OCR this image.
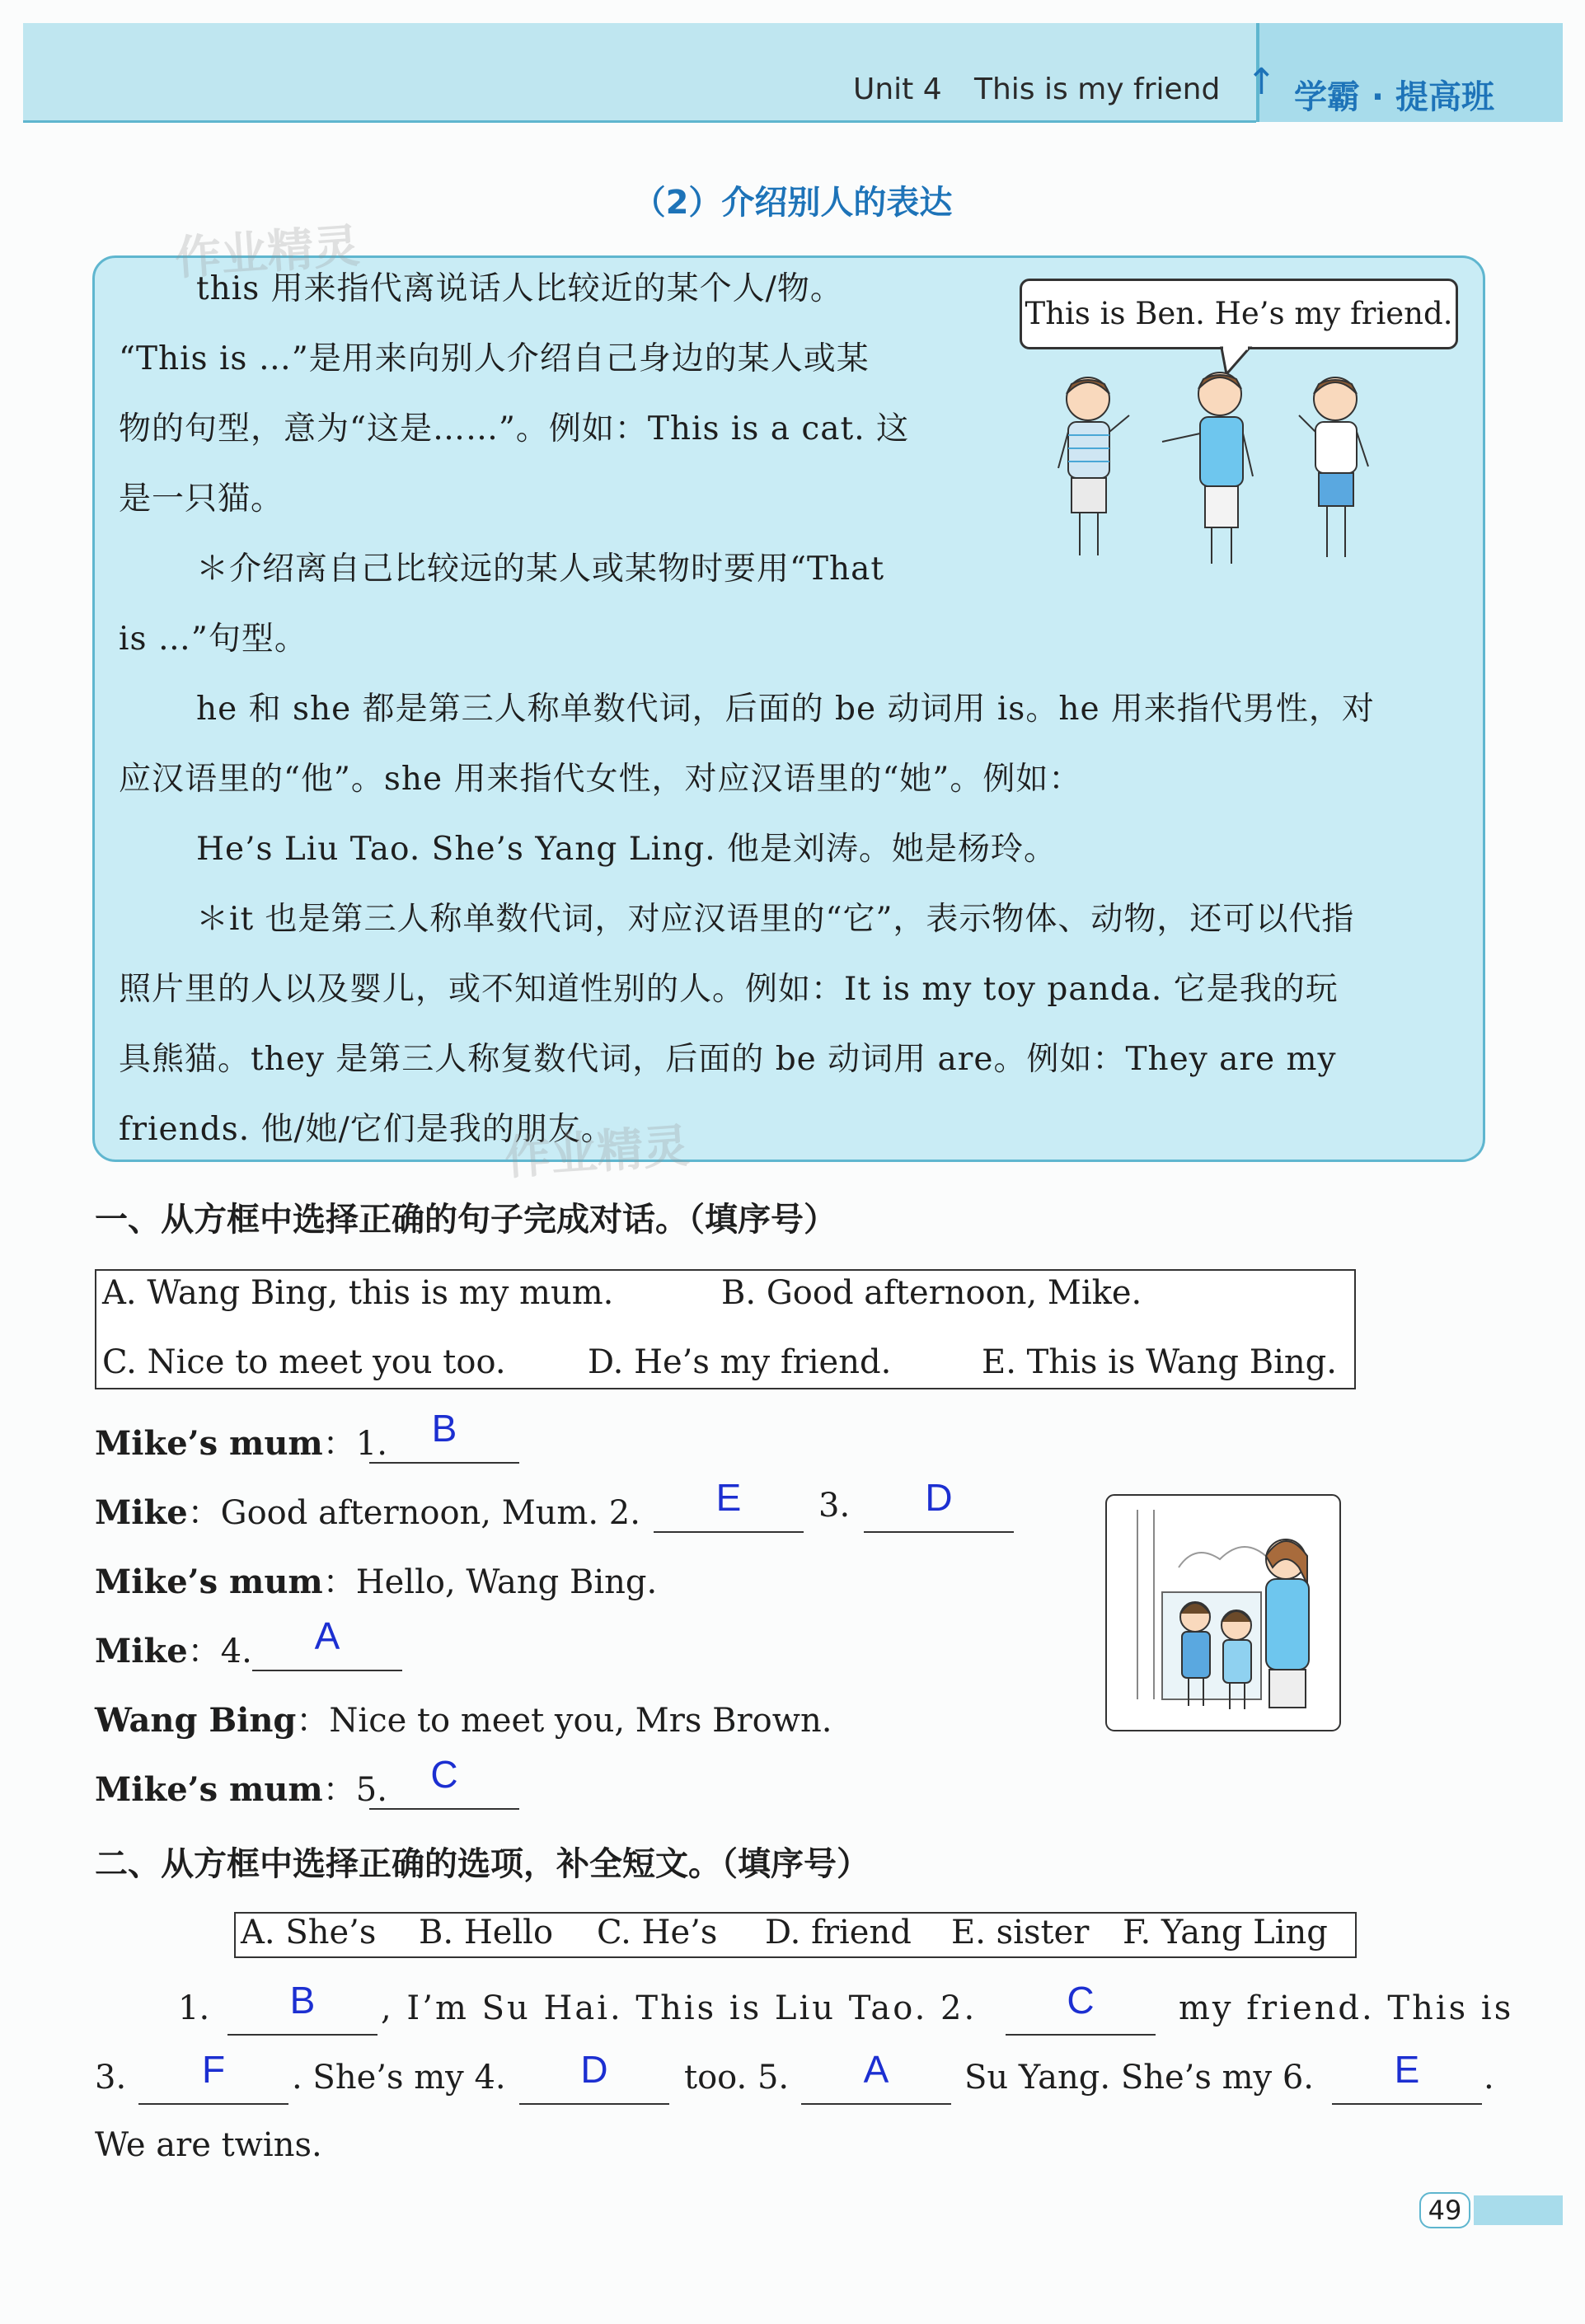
Unit 4 This is my friend ↑ 学霸 · 提高班
（2）介绍别人的表达
作业精灵
this 用来指代离说话人比较近的某个人/物。
“This is …”是用来向别人介绍自己身边的某人或某
物的句型，意为“这是……”。例如：This is a cat. 这
是一只猫。
＊介绍离自己比较远的某人或某物时要用“That
is …”句型。
he 和 she 都是第三人称单数代词，后面的 be 动词用 is。he 用来指代男性，对
应汉语里的“他”。she 用来指代女性，对应汉语里的“她”。例如：
He’s Liu Tao. She’s Yang Ling. 他是刘涛。她是杨玲。
＊it 也是第三人称单数代词，对应汉语里的“它”，表示物体、动物，还可以代指
照片里的人以及婴儿，或不知道性别的人。例如：It is my toy panda. 它是我的玩
具熊猫。they 是第三人称复数代词，后面的 be 动词用 are。例如：They are my
friends. 他/她/它们是我的朋友。
作业精灵
This is Ben. He’s my friend.
一、从方框中选择正确的句子完成对话。（填序号）
A. Wang Bing, this is my mum.	B. Good afternoon, Mike.
C. Nice to meet you too. D. He’s my friend.	E. This is Wang Bing.
Mike’s mum：1.	B
Mike：Good afternoon, Mum. 2.	E	3.	D
Mike’s mum：Hello, Wang Bing.
Mike：4.	A
Wang Bing：Nice to meet you, Mrs Brown.
Mike’s mum：5.	C
二、从方框中选择正确的选项，补全短文。（填序号）
A. She’s B. Hello C. He’s D. friend E. sister F. Yang Ling
1.	B	, I’m Su Hai. This is Liu Tao. 2.	C	my friend. This is
3.	F	. She’s my 4.	D	too. 5.	A	Su Yang. She’s my 6.	E	.
We are twins.
49
